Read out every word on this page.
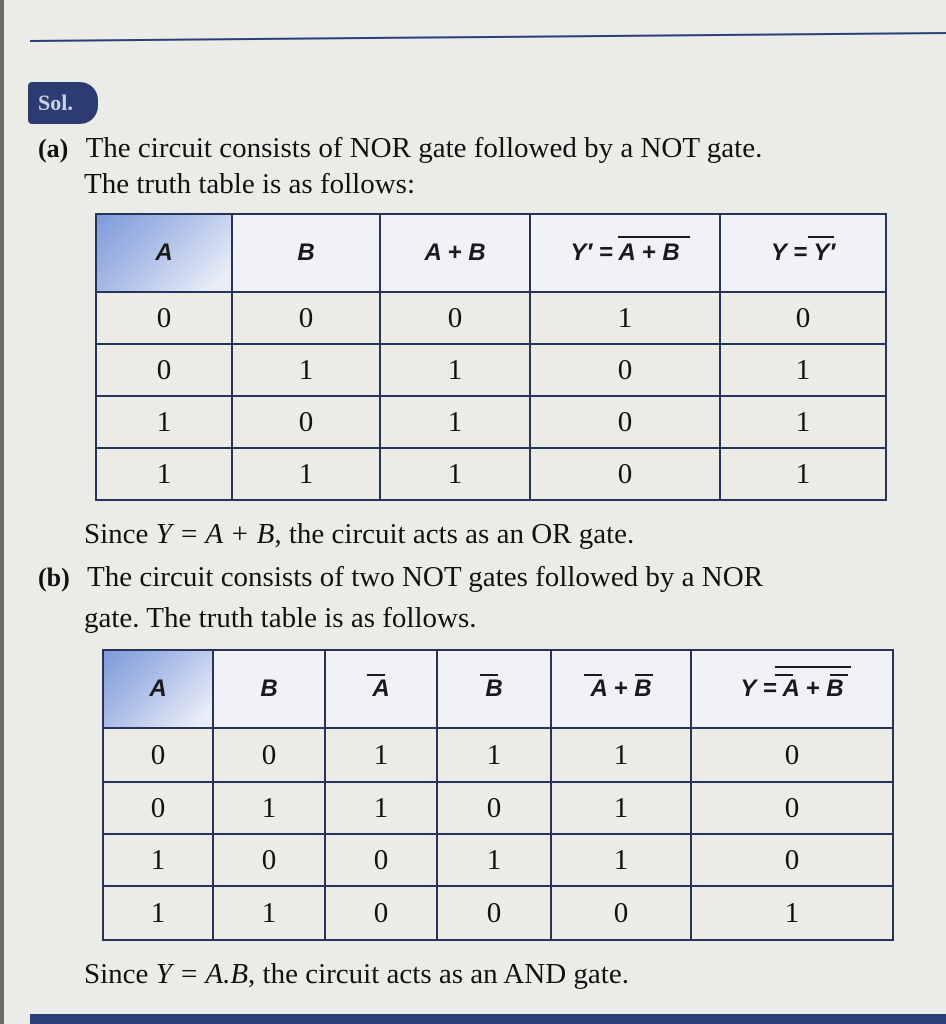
Sol.
(a) The circuit consists of NOR gate followed by a NOT gate.
The truth table is as follows:
A	B	A + B	Y′ = A + B	Y = Y′
0	0	0	1	0
0	1	1	0	1
1	0	1	0	1
1	1	1	0	1
Since Y = A + B, the circuit acts as an OR gate.
(b) The circuit consists of two NOT gates followed by a NOR
gate. The truth table is as follows.
A	B	A	B	A + B	Y = A + B
0	0	1	1	1	0
0	1	1	0	1	0
1	0	0	1	1	0
1	1	0	0	0	1
Since Y = A.B, the circuit acts as an AND gate.
